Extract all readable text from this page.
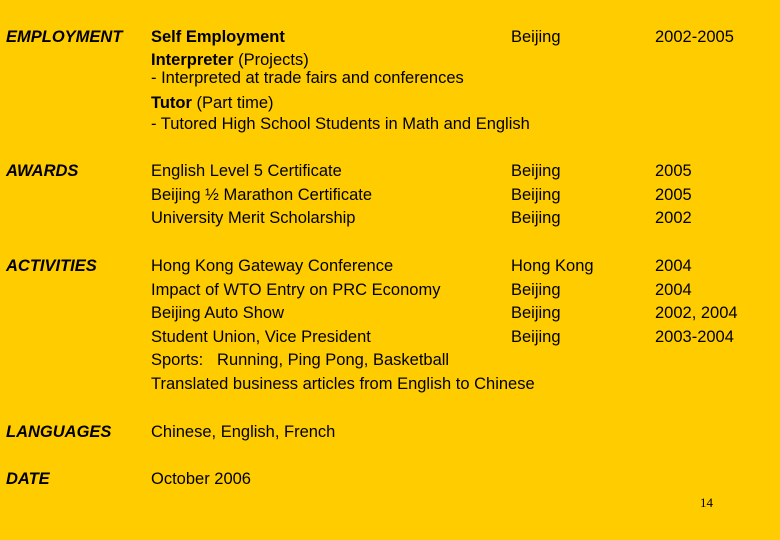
EMPLOYMENT Self Employment	Beijing	2002-2005
Interpreter (Projects)
- Interpreted at trade fairs and conferences
Tutor (Part time)
- Tutored High School Students in Math and English
AWARDS	English Level 5 Certificate	Beijing	2005
Beijing ½ Marathon Certificate	Beijing	2005
University Merit Scholarship	Beijing	2002
ACTIVITIES	Hong Kong Gateway Conference	Hong Kong	2004
Impact of WTO Entry on PRC Economy	Beijing	2004
Beijing Auto Show	Beijing	2002, 2004
Student Union, Vice President	Beijing	2003-2004
Sports:   Running, Ping Pong, Basketball
Translated business articles from English to Chinese
LANGUAGES Chinese, English, French
DATE	October 2006
14
